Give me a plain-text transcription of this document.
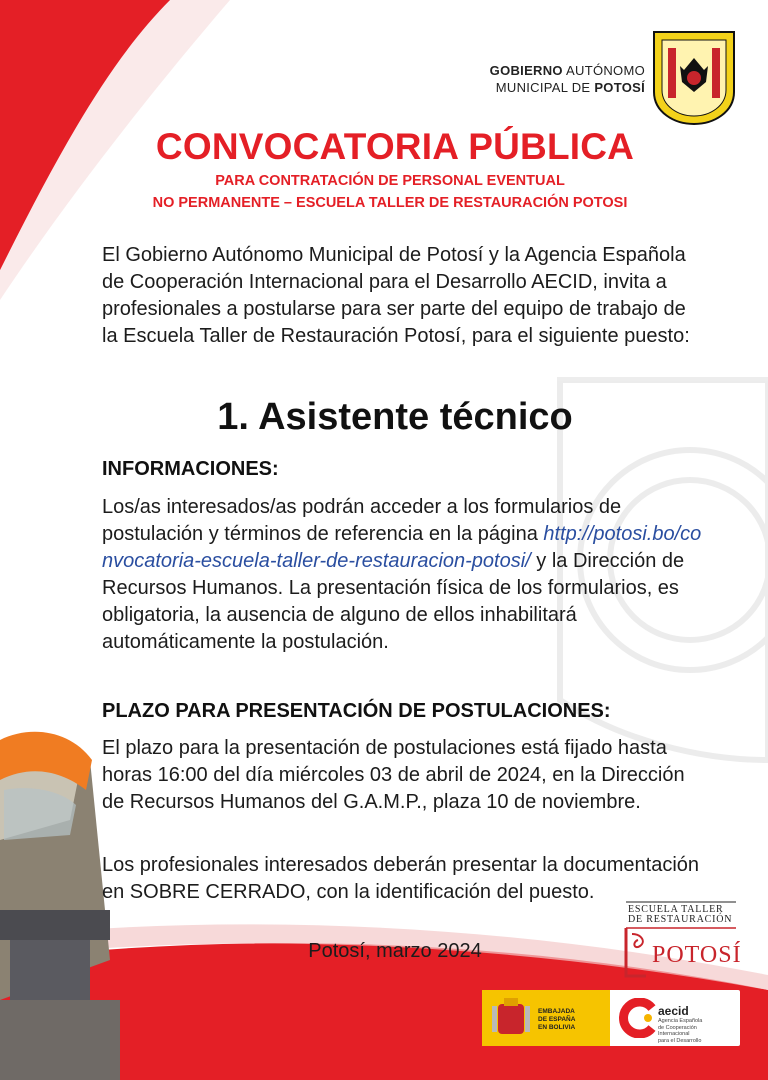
GOBIERNO AUTÓNOMO
MUNICIPAL DE POTOSÍ
CONVOCATORIA PÚBLICA
PARA CONTRATACIÓN DE PERSONAL EVENTUAL
NO PERMANENTE – ESCUELA TALLER DE RESTAURACIÓN POTOSI
El Gobierno Autónomo Municipal de Potosí y la Agencia Española de Cooperación Internacional para el Desarrollo AECID, invita a profesionales a postularse para ser parte del equipo de trabajo de la Escuela Taller de Restauración Potosí, para el siguiente puesto:
1. Asistente técnico
INFORMACIONES:
Los/as interesados/as podrán acceder a los formularios de postulación y términos de referencia en la página http://potosi.bo/convocatoria-escuela-taller-de-restauracion-potosi/ y la Dirección de Recursos Humanos. La presentación física de los formularios, es obligatoria, la ausencia de alguno de ellos inhabilitará automáticamente la postulación.
PLAZO PARA PRESENTACIÓN DE POSTULACIONES:
El plazo para la presentación de postulaciones está fijado hasta horas 16:00 del día miércoles 03 de abril de 2024, en la Dirección de Recursos Humanos del G.A.M.P., plaza 10 de noviembre.
Los profesionales interesados deberán presentar la documentación en SOBRE CERRADO, con la identificación del puesto.
Potosí, marzo 2024
ESCUELA TALLER
DE RESTAURACIÓN
POTOSÍ
EMBAJADA
DE ESPAÑA
EN BOLIVIA
aecid
Agencia Española
de Cooperación
Internacional
para el Desarrollo
